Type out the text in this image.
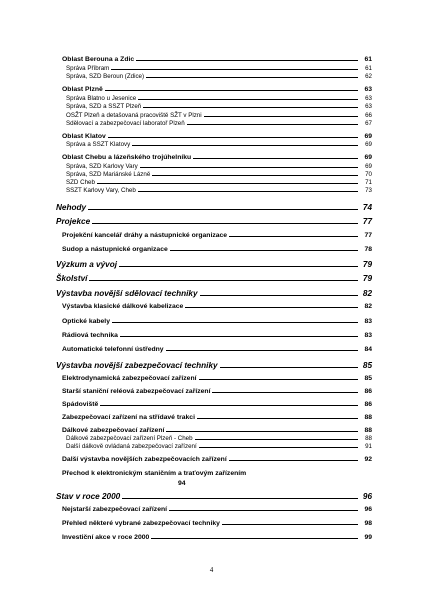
Oblast Berouna a Zdic	61
Správa Příbram	61
Správa, SZD Beroun (Zdice)	62
Oblast Plzně	63
Správa Blatno u Jesenice	63
Správa, SZD a SSZT Plzeň	63
OSŽT Plzeň a detašovaná pracoviště SŽT v Plzni	66
Sdělovací a zabezpečovací laboratoř Plzeň	67
Oblast Klatov	69
Správa a SSZT Klatovy	69
Oblast Chebu a lázeňského trojúhelníku	69
Správa, SZD Karlovy Vary	69
Správa, SZD Mariánské Lázně	70
SZD Cheb	71
SSZT Karlovy Vary, Cheb	73
Nehody	74
Projekce	77
Projekční kancelář dráhy a nástupnické organizace	77
Sudop a nástupnické organizace	78
Výzkum a vývoj	79
Školství	79
Výstavba novější sdělovací techniky	82
Výstavba klasické dálkové kabelizace	82
Optické kabely	83
Rádiová technika	83
Automatické telefonní ústředny	84
Výstavba novější zabezpečovací techniky	85
Elektrodynamická zabezpečovací zařízení	85
Starší staniční reléová zabezpečovací zařízení	86
Spádoviště	86
Zabezpečovací zařízení na střídavé trakci	88
Dálkové zabezpečovací zařízení	88
Dálkové zabezpečovací zařízení Plzeň - Cheb	88
Další dálkově ovládaná zabezpečovací zařízení	91
Další výstavba novějších zabezpečovacích zařízení	92
Přechod k elektronickým staničním a traťovým zařízením
94
Stav v roce 2000	96
Nejstarší zabezpečovací zařízení	96
Přehled některé vybrané zabezpečovací techniky	98
Investiční akce v roce 2000	99
4
